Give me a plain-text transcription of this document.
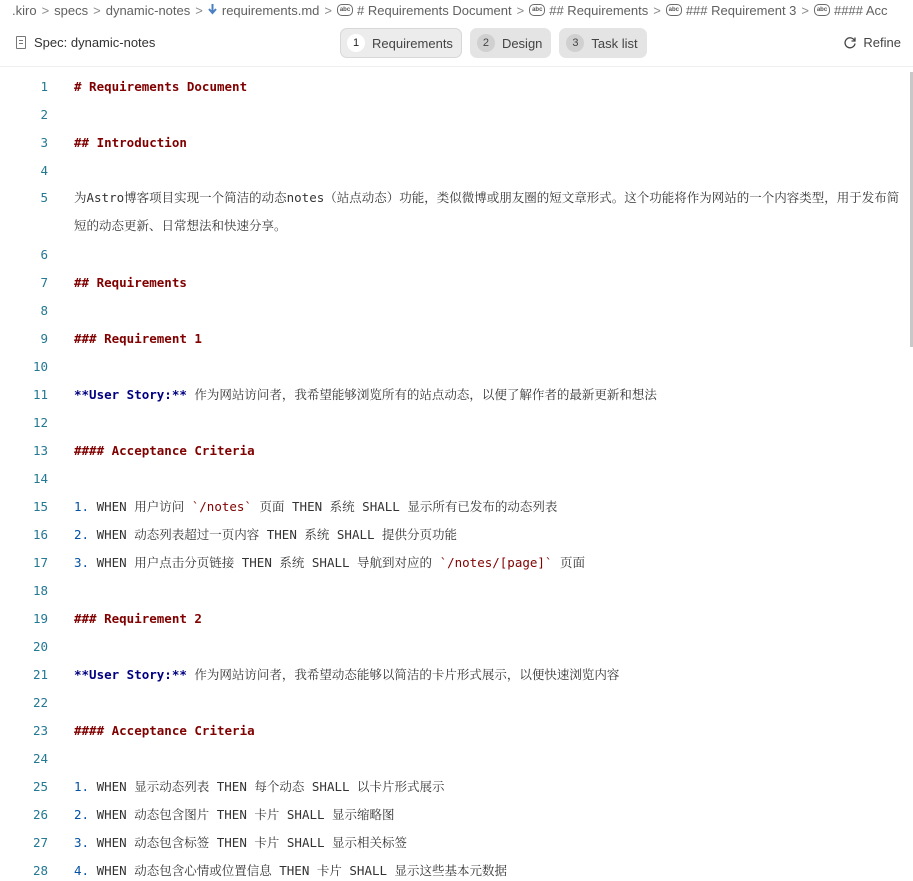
.kiro > specs > dynamic-notes > requirements.md >	abc # Requirements Document >	abc ## Requirements >	abc ### Requirement 3 >	abc #### Acc
Spec: dynamic-notes	1 Requirements	2 Design	3 Task list	Refine
1 # Requirements Document
2
3 ## Introduction
4
5 为Astro博客项目实现一个简洁的动态notes（站点动态）功能，类似微博或朋友圈的短文章形式。这个功能将作为网站的一个内容类型，用于发布简短的动态更新、日常想法和快速分享。
6
7 ## Requirements
8
9 ### Requirement 1
10
11 **User Story:** 作为网站访问者，我希望能够浏览所有的站点动态，以便了解作者的最新更新和想法
12
13 #### Acceptance Criteria
14
15 1. WHEN 用户访问 `/notes` 页面 THEN 系统 SHALL 显示所有已发布的动态列表
16 2. WHEN 动态列表超过一页内容 THEN 系统 SHALL 提供分页功能
17 3. WHEN 用户点击分页链接 THEN 系统 SHALL 导航到对应的 `/notes/[page]` 页面
18
19 ### Requirement 2
20
21 **User Story:** 作为网站访问者，我希望动态能够以简洁的卡片形式展示，以便快速浏览内容
22
23 #### Acceptance Criteria
24
25 1. WHEN 显示动态列表 THEN 每个动态 SHALL 以卡片形式展示
26 2. WHEN 动态包含图片 THEN 卡片 SHALL 显示缩略图
27 3. WHEN 动态包含标签 THEN 卡片 SHALL 显示相关标签
28 4. WHEN 动态包含心情或位置信息 THEN 卡片 SHALL 显示这些基本元数据
